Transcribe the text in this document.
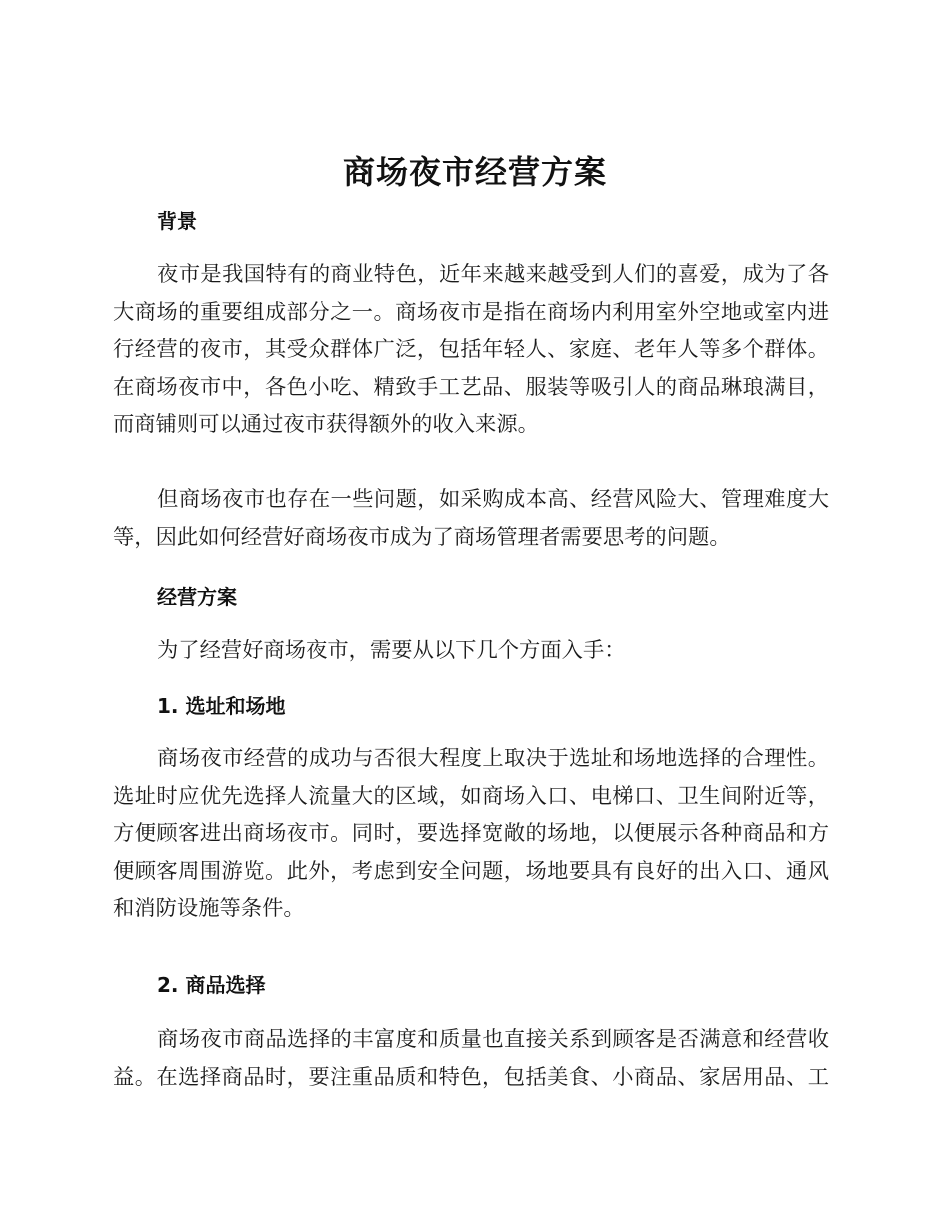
商场夜市经营方案
背景
夜市是我国特有的商业特色，近年来越来越受到人们的喜爱，成为了各
大商场的重要组成部分之一。商场夜市是指在商场内利用室外空地或室内进
行经营的夜市，其受众群体广泛，包括年轻人、家庭、老年人等多个群体。
在商场夜市中，各色小吃、精致手工艺品、服装等吸引人的商品琳琅满目，
而商铺则可以通过夜市获得额外的收入来源。
但商场夜市也存在一些问题，如采购成本高、经营风险大、管理难度大
等，因此如何经营好商场夜市成为了商场管理者需要思考的问题。
经营方案
为了经营好商场夜市，需要从以下几个方面入手：
1. 选址和场地
商场夜市经营的成功与否很大程度上取决于选址和场地选择的合理性。
选址时应优先选择人流量大的区域，如商场入口、电梯口、卫生间附近等，
方便顾客进出商场夜市。同时，要选择宽敞的场地，以便展示各种商品和方
便顾客周围游览。此外，考虑到安全问题，场地要具有良好的出入口、通风
和消防设施等条件。
2. 商品选择
商场夜市商品选择的丰富度和质量也直接关系到顾客是否满意和经营收
益。在选择商品时，要注重品质和特色，包括美食、小商品、家居用品、工
